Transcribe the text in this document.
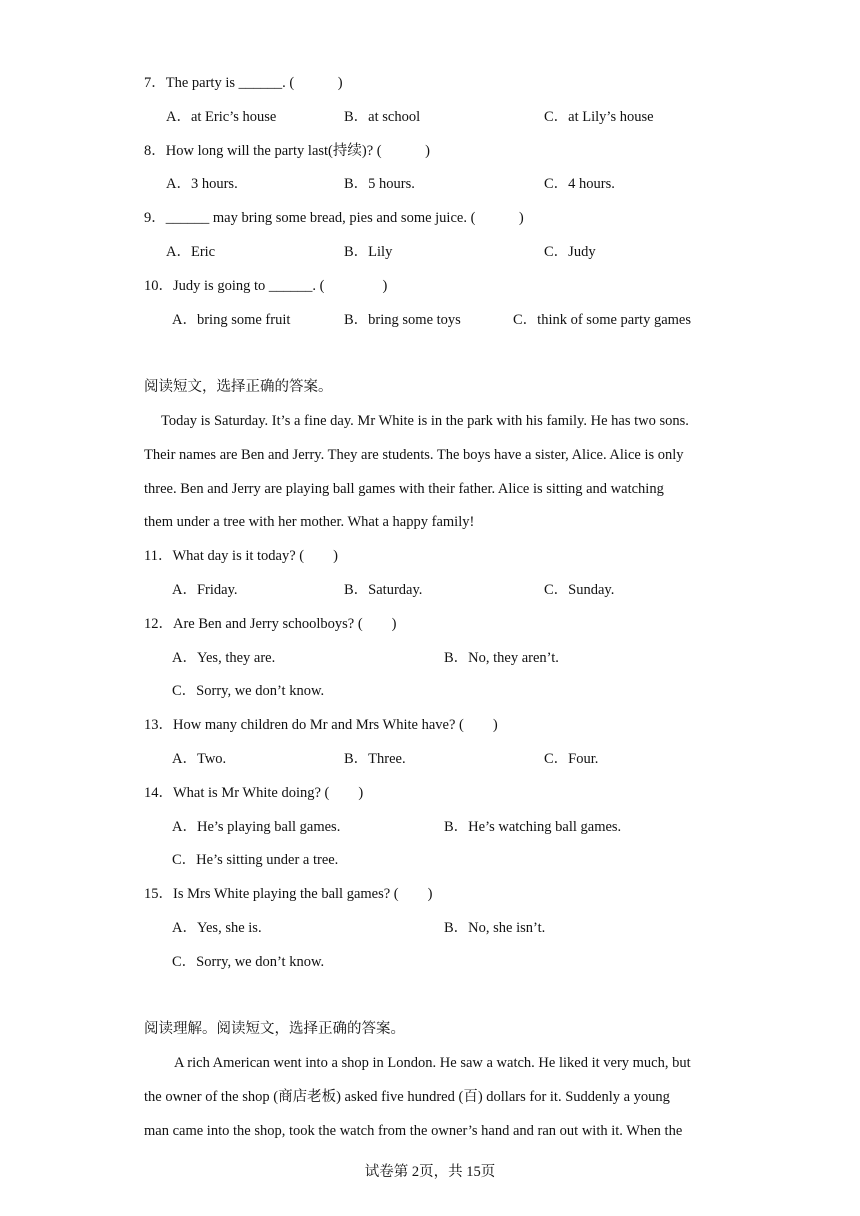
7．The party is ______. (　　　)
A．at Eric’s house	B．at school	C．at Lily’s house
8．How long will the party last(持续)? (　　　)
A．3 hours.	B．5 hours.	C．4 hours.
9．______ may bring some bread, pies and some juice. (　　　)
A．Eric	B．Lily	C．Judy
10．Judy is going to ______. (　　　　)
A．bring some fruit	B．bring some toys	C．think of some party games
阅读短文，选择正确的答案。
Today is Saturday. It’s a fine day. Mr White is in the park with his family. He has two sons.
Their names are Ben and Jerry. They are students. The boys have a sister, Alice. Alice is only
three. Ben and Jerry are playing ball games with their father. Alice is sitting and watching
them under a tree with her mother. What a happy family!
11．What day is it today? (　　)
A．Friday.	B．Saturday.	C．Sunday.
12．Are Ben and Jerry schoolboys? (　　)
A．Yes, they are.	B．No, they aren’t.
C．Sorry, we don’t know.
13．How many children do Mr and Mrs White have? (　　)
A．Two.	B．Three.	C．Four.
14．What is Mr White doing? (　　)
A．He’s playing ball games.	B．He’s watching ball games.
C．He’s sitting under a tree.
15．Is Mrs White playing the ball games? (　　)
A．Yes, she is.	B．No, she isn’t.
C．Sorry, we don’t know.
阅读理解。阅读短文，选择正确的答案。
A rich American went into a shop in London. He saw a watch. He liked it very much, but
the owner of the shop (商店老板) asked five hundred (百) dollars for it. Suddenly a young
man came into the shop, took the watch from the owner’s hand and ran out with it. When the
试卷第 2页，共 15页
